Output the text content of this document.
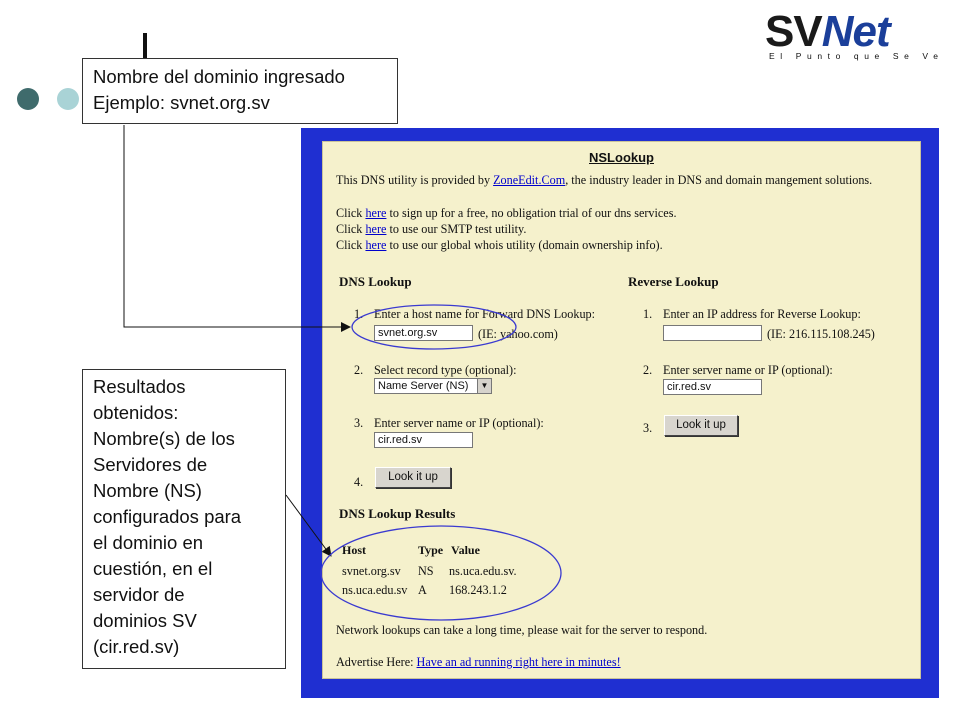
SVNet
El Punto que Se Ve
Nombre del dominio ingresado
Ejemplo: svnet.org.sv
Resultados
obtenidos:
Nombre(s) de los
Servidores de
Nombre (NS)
configurados para
el dominio en
cuestión, en el
servidor de
dominios SV
(cir.red.sv)
NSLookup
This DNS utility is provided by ZoneEdit.Com, the industry leader in DNS and domain mangement solutions.
Click here to sign up for a free, no obligation trial of our dns services.
Click here to use our SMTP test utility.
Click here to use our global whois utility (domain ownership info).
DNS Lookup
1. Enter a host name for Forward DNS Lookup:
svnet.org.sv	(IE: yahoo.com)
2. Select record type (optional):
Name Server (NS)	▼
3. Enter server name or IP (optional):
cir.red.sv
4.	Look it up
Reverse Lookup
1. Enter an IP address for Reverse Lookup:
(IE: 216.115.108.245)
2. Enter server name or IP (optional):
cir.red.sv
3.	Look it up
DNS Lookup Results
Host	Type Value
svnet.org.sv NS ns.uca.edu.sv.
ns.uca.edu.sv A 168.243.1.2
Network lookups can take a long time, please wait for the server to respond.
Advertise Here: Have an ad running right here in minutes!
